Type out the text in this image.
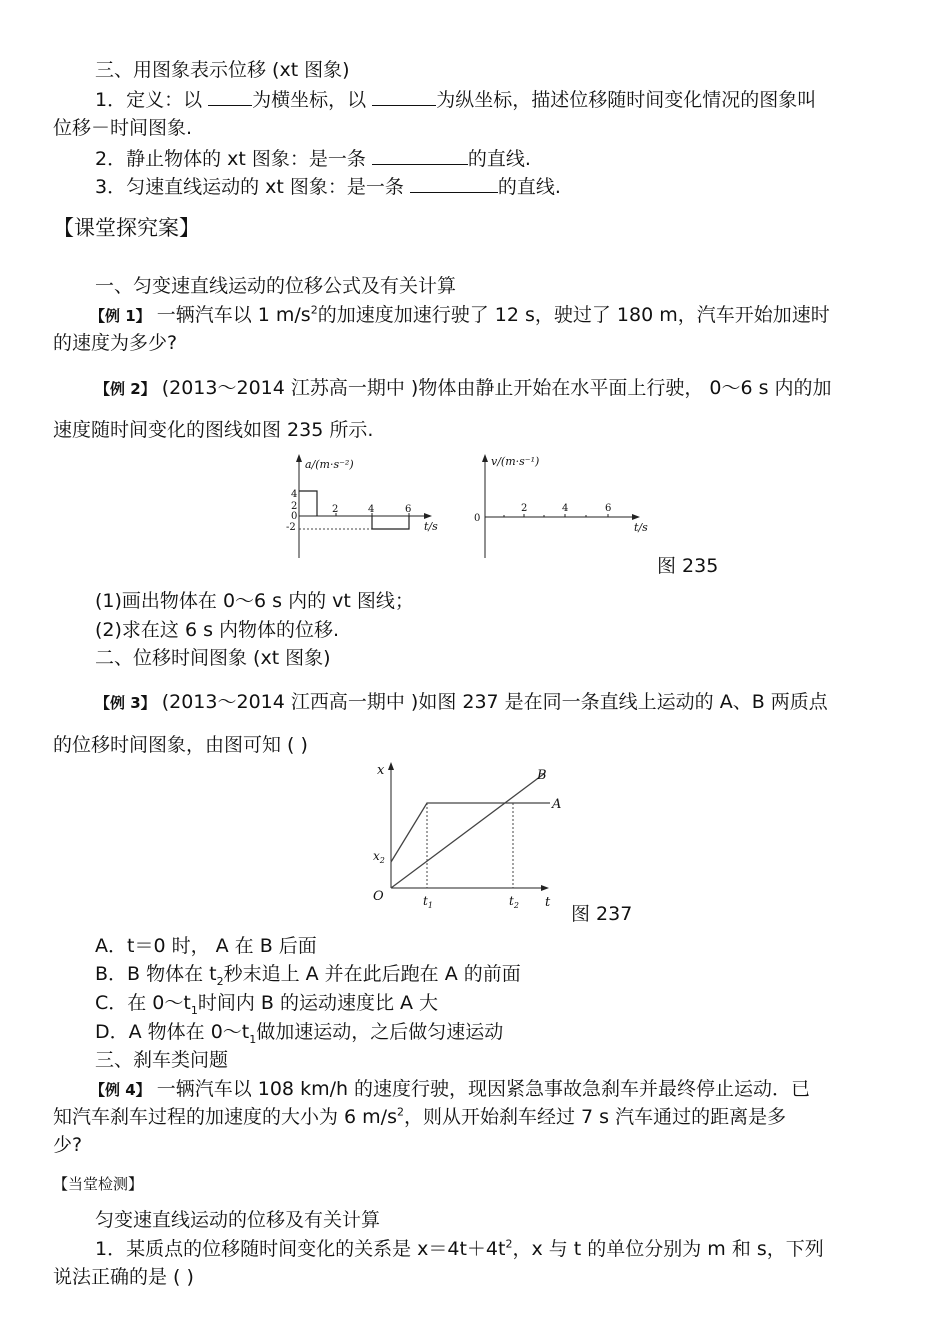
三、用图象表示位移 (xt 图象)
1．定义：以 为横坐标，以	为纵坐标，描述位移随时间变化情况的图象叫
位移－时间图象.
2．静止物体的 xt 图象：是一条	的直线.
3．匀速直线运动的 xt 图象：是一条	的直线.
【课堂探究案】
一、匀变速直线运动的位移公式及有关计算
【例 1】 一辆汽车以 1 $m/s^2$的加速度加速行驶了 12 s，驶过了 180 m，汽车开始加速时
的速度为多少?
【例 2】 (2013～2014 江苏高一期中 )物体由静止开始在水平面上行驶， 0～6 s 内的加
速度随时间变化的图线如图 235 所示.
a/(m·s⁻²)
4
2
0
-2
2	4	6
t/s
v/(m·s⁻¹)
0
2	4	6
t/s
图 235
(1)画出物体在 0～6 s 内的 vt 图线；
(2)求在这 6 s 内物体的位移.
二、位移时间图象 (xt 图象)
【例 3】 (2013～2014 江西高一期中 )如图 237 是在同一条直线上运动的 A、B 两质点
的位移时间图象，由图可知 ( )
x
t
O
$x_2$
$t_1$	$t_2$
A
B
图 237
A．t＝0 时， A 在 B 后面
B．B 物体在 $t_2$秒末追上 A 并在此后跑在 A 的前面
C．在 $0\sim t_1$时间内 B 的运动速度比 A 大
D．A 物体在 $0\sim t_1$做加速运动，之后做匀速运动
三、刹车类问题
【例 4】 一辆汽车以 108 km/h 的速度行驶，现因紧急事故急刹车并最终停止运动．已
知汽车刹车过程的加速度的大小为 6 $m/s^2$，则从开始刹车经过 7 s 汽车通过的距离是多
少?
【当堂检测】
匀变速直线运动的位移及有关计算
1．某质点的位移随时间变化的关系是 $x=4t+4t^2$，x 与 t 的单位分别为 m 和 s，下列
说法正确的是 ( )
